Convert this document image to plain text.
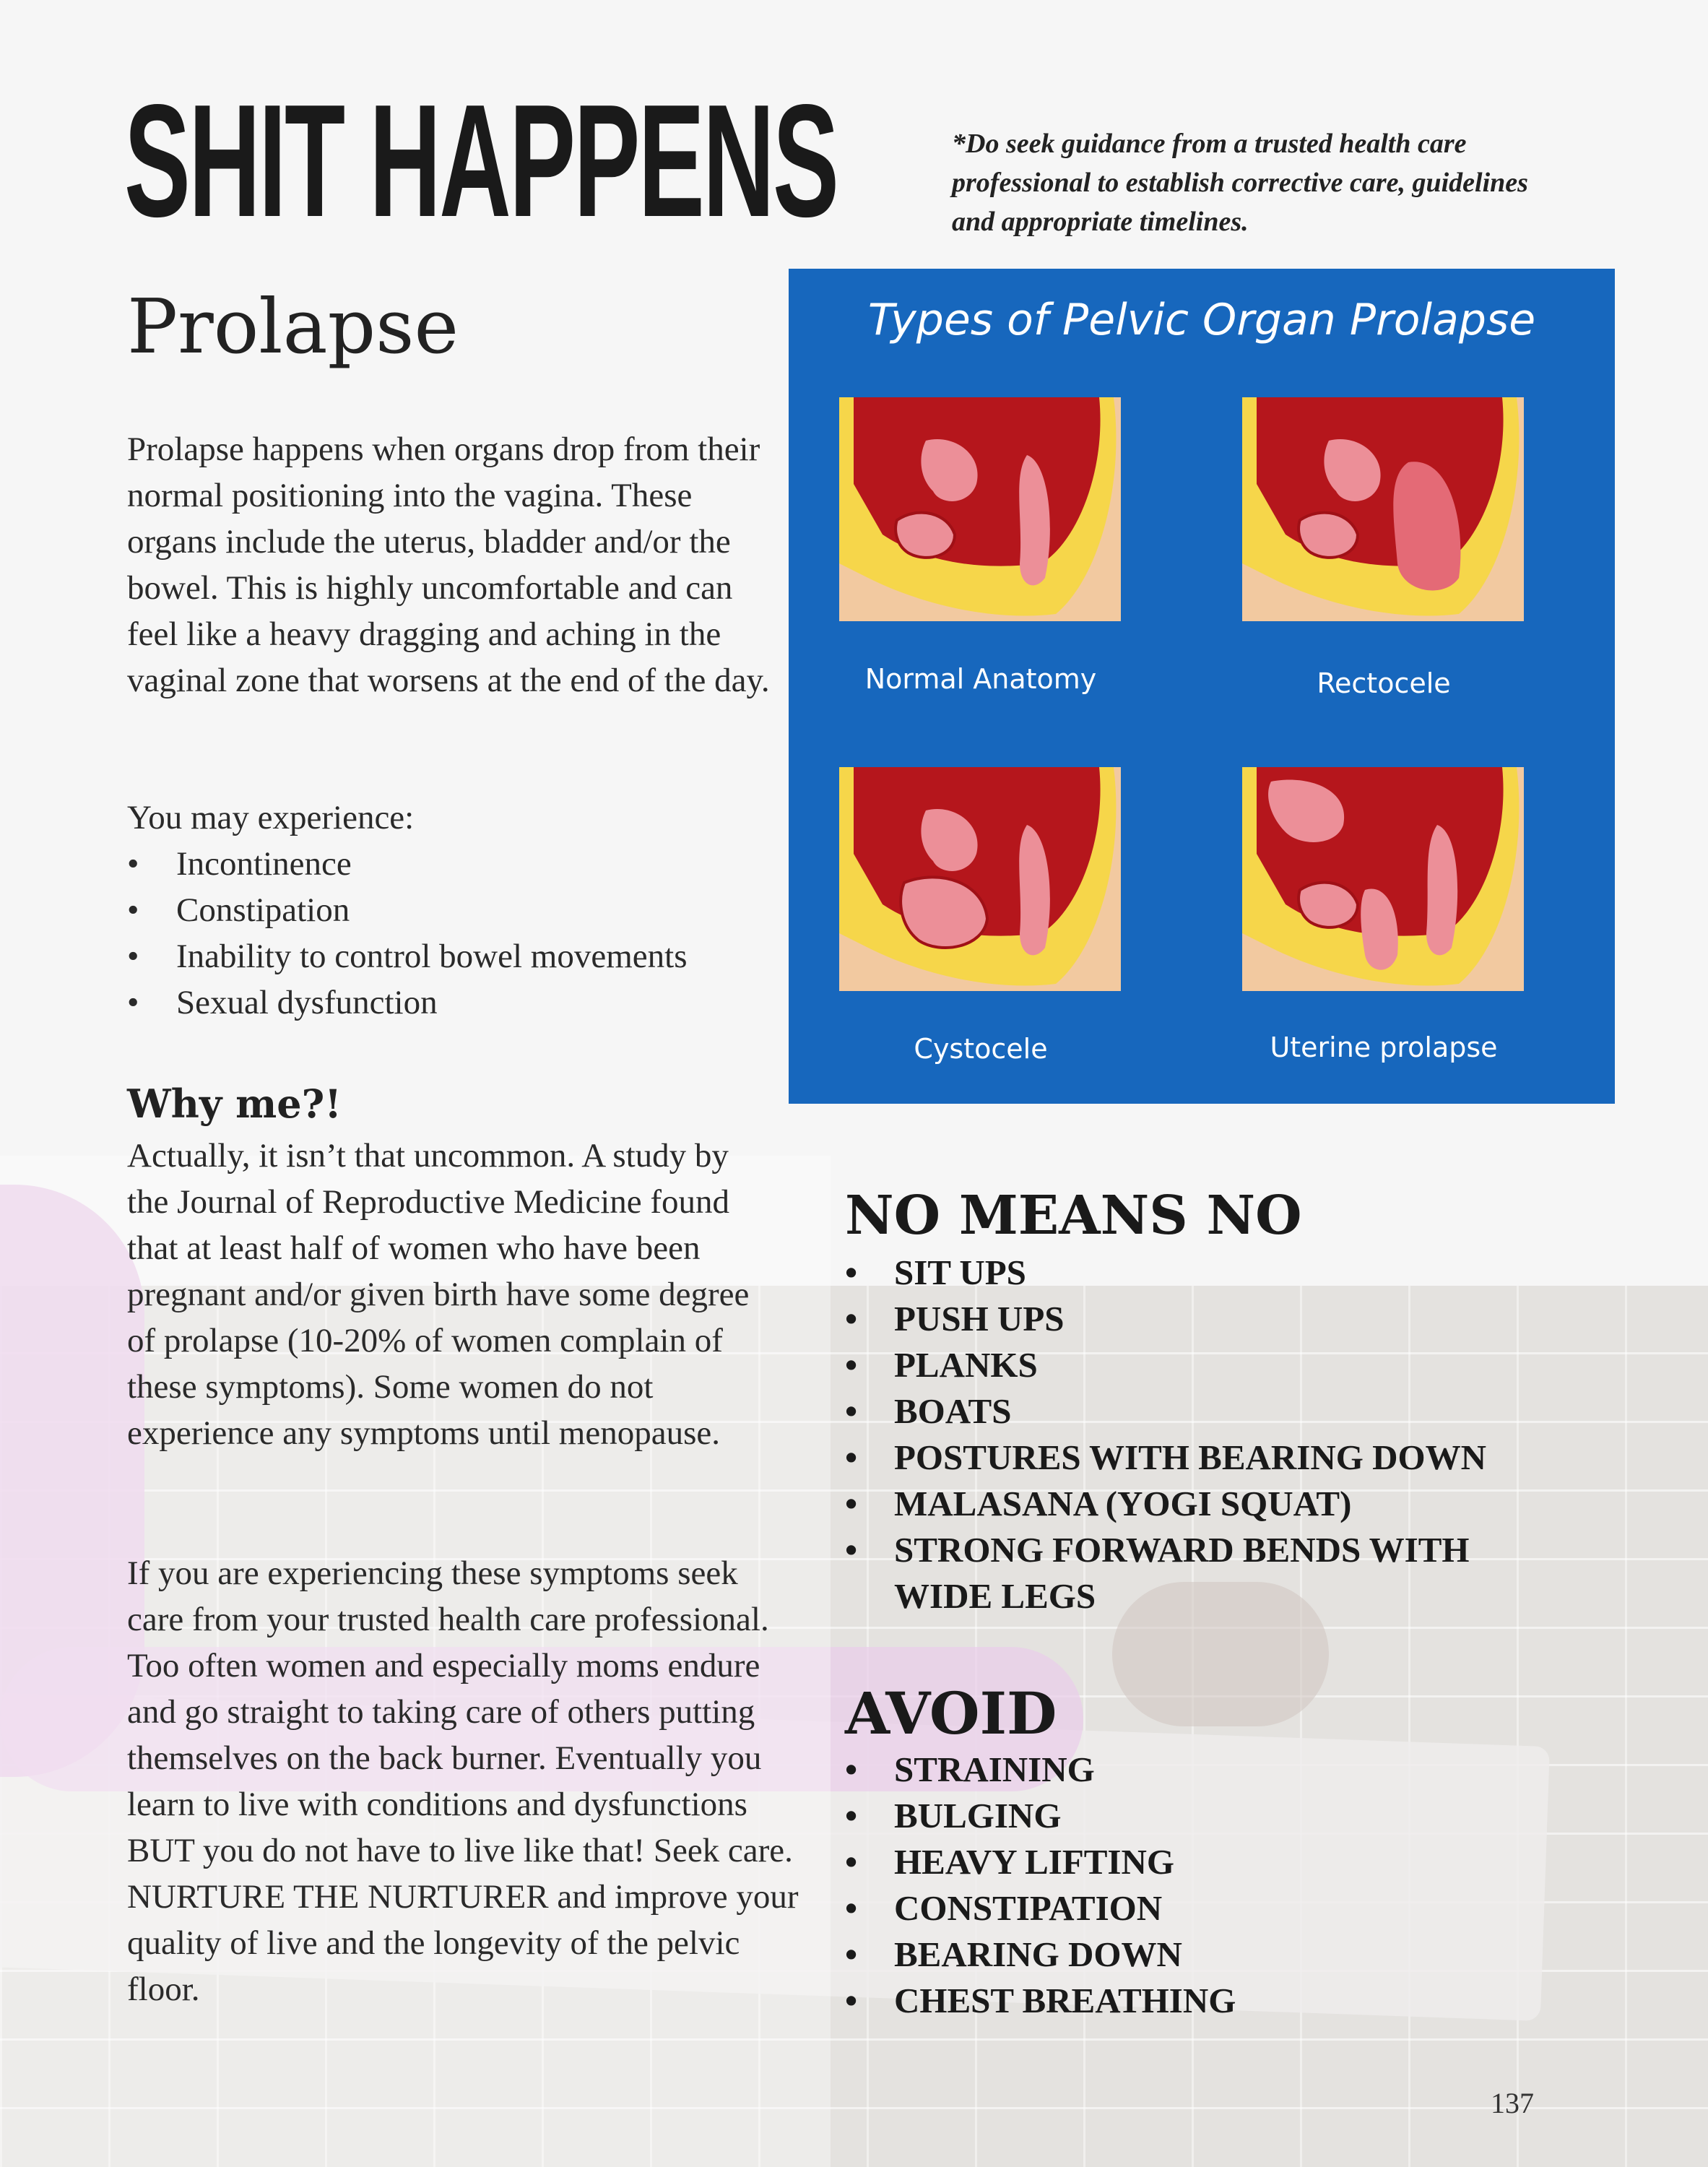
SHIT HAPPENS	*Do seek guidance from a trusted health care professional to establish corrective care, guidelines and appropriate timelines.
Prolapse

Prolapse happens when organs drop from their normal positioning into the vagina. These organs include the uterus, bladder and/or the bowel. This is highly uncomfortable and can feel like a heavy dragging and aching in the vaginal zone that worsens at the end of the day.

You may experience:

• Incontinence
• Constipation
• Inability to control bowel movements
• Sexual dysfunction
Why me?!

Actually, it isn’t that uncommon. A study by the Journal of Reproductive Medicine found that at least half of women who have been pregnant and/or given birth have some degree of prolapse (10-20% of women complain of these symptoms). Some women do not experience any symptoms until menopause.

If you are experiencing these symptoms seek care from your trusted health care professional. Too often women and especially moms endure and go straight to taking care of others putting themselves on the back burner. Eventually you learn to live with conditions and dysfunctions BUT you do not have to live like that! Seek care. NURTURE THE NURTURER and improve your quality of live and the longevity of the pelvic floor.

Types of Pelvic Organ Prolapse
Normal Anatomy	Rectocele
Cystocele	Uterine prolapse
NO MEANS NO
• SIT UPS
• PUSH UPS
• PLANKS
• BOATS
• POSTURES WITH BEARING DOWN
• MALASANA (YOGI SQUAT)
• STRONG FORWARD BENDS WITH WIDE LEGS
AVOID
• STRAINING
• BULGING
• HEAVY LIFTING
• CONSTIPATION
• BEARING DOWN
• CHEST BREATHING
137
